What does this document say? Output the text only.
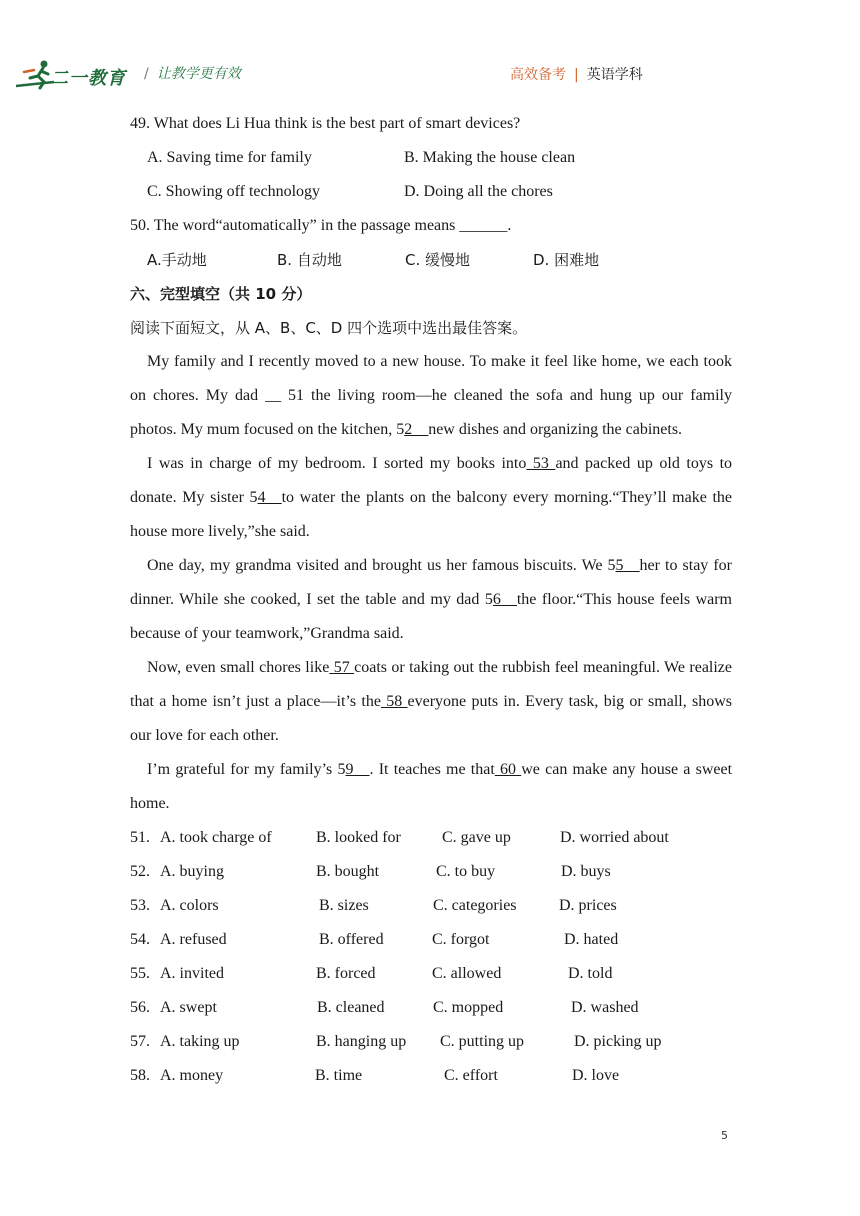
二一教育 / 让教学更有效	高效备考 | 英语学科
49. What does Li Hua think is the best part of smart devices?
A. Saving time for family	B. Making the house clean
C. Showing off technology	D. Doing all the chores
50. The word“automatically” in the passage means ______.
A.手动地	B. 自动地	C. 缓慢地	D. 困难地
六、完型填空（共 10 分）
阅读下面短文，从 A、B、C、D 四个选项中选出最佳答案。

My family and I recently moved to a new house. To make it feel like home, we each took on chores. My dad __ 51 the living room—he cleaned the sofa and hung up our family photos. My mum focused on the kitchen, 52__new dishes and organizing the cabinets.

I was in charge of my bedroom. I sorted my books into 53 and packed up old toys to donate. My sister 54__to water the plants on the balcony every morning.“They’ll make the house more lively,”she said.

One day, my grandma visited and brought us her famous biscuits. We 55__her to stay for dinner. While she cooked, I set the table and my dad 56__the floor.“This house feels warm because of your teamwork,”Grandma said.

Now, even small chores like 57 coats or taking out the rubbish feel meaningful. We realize that a home isn’t just a place—it’s the 58 everyone puts in. Every task, big or small, shows our love for each other.

I’m grateful for my family’s 59__. It teaches me that 60 we can make any house a sweet home.

51. A. took charge of	B. looked for	C. gave up	D. worried about
52. A. buying	B. bought	C. to buy	D. buys
53. A. colors	B. sizes	C. categories	D. prices
54. A. refused	B. offered	C. forgot	D. hated
55. A. invited	B. forced	C. allowed	D. told
56. A. swept	B. cleaned	C. mopped	D. washed
57. A. taking up	B. hanging up	C. putting up	D. picking up
58. A. money	B. time	C. effort	D. love
5
